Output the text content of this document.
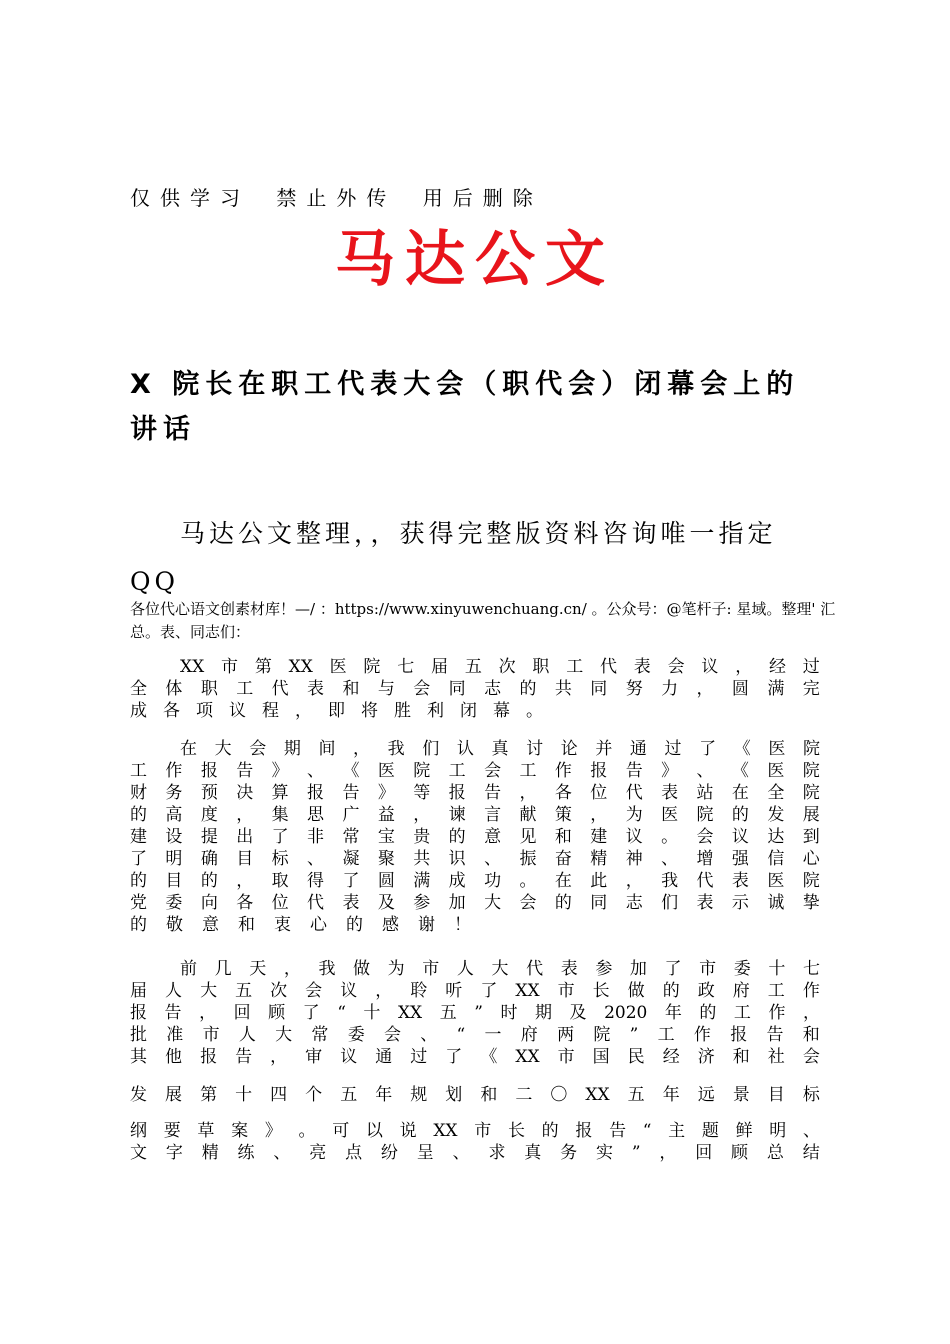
仅供学习 禁止外传 用后删除
马达公文
X 院长在职工代表大会（职代会）闭幕会上的讲话
马达公文整理，，获得完整版资料咨询唯一指定QQ
各位代心语文创素材库！—/ ：https://www.xinyuwenchuang.cn/ 。公众号：@笔杆子: 星域。整理' 汇总。表、同志们：
XX 市 第 XX 医 院 七 届 五 次 职 工 代 表 会 议 ， 经 过
全 体 职 工 代 表 和 与 会 同 志 的 共 同 努 力 ， 圆 满 完
成 各 项 议 程 ， 即 将 胜 利 闭 幕 。
在 大 会 期 间 ， 我 们 认 真 讨 论 并 通 过 了 《 医 院
工 作 报 告 》 、 《 医 院 工 会 工 作 报 告 》 、 《 医 院
财 务 预 决 算 报 告 》 等 报 告 ， 各 位 代 表 站 在 全 院
的 高 度 ， 集 思 广 益 ， 谏 言 献 策 ， 为 医 院 的 发 展
建 设 提 出 了 非 常 宝 贵 的 意 见 和 建 议 。 会 议 达 到
了 明 确 目 标 、 凝 聚 共 识 、 振 奋 精 神 、 增 强 信 心
的 目 的 ， 取 得 了 圆 满 成 功 。 在 此 ， 我 代 表 医 院
党 委 向 各 位 代 表 及 参 加 大 会 的 同 志 们 表 示 诚 挚
的 敬 意 和 衷 心 的 感 谢 ！
前 几 天 ， 我 做 为 市 人 大 代 表 参 加 了 市 委 十 七
届 人 大 五 次 会 议 ， 聆 听 了 XX 市 长 做 的 政 府 工 作
报 告 ， 回 顾 了 “ 十 XX 五 ” 时 期 及 2020 年 的 工 作 ，
批 准 市 人 大 常 委 会 、 “ 一 府 两 院 ” 工 作 报 告 和
其 他 报 告 ， 审 议 通 过 了 《 XX 市 国 民 经 济 和 社 会
发 展 第 十 四 个 五 年 规 划 和 二 〇 XX 五 年 远 景 目 标
纲 要 草 案 》 。 可 以 说 XX 市 长 的 报 告 “ 主 题 鲜 明 、
文 字 精 练 、 亮 点 纷 呈 、 求 真 务 实 ” ， 回 顾 总 结
